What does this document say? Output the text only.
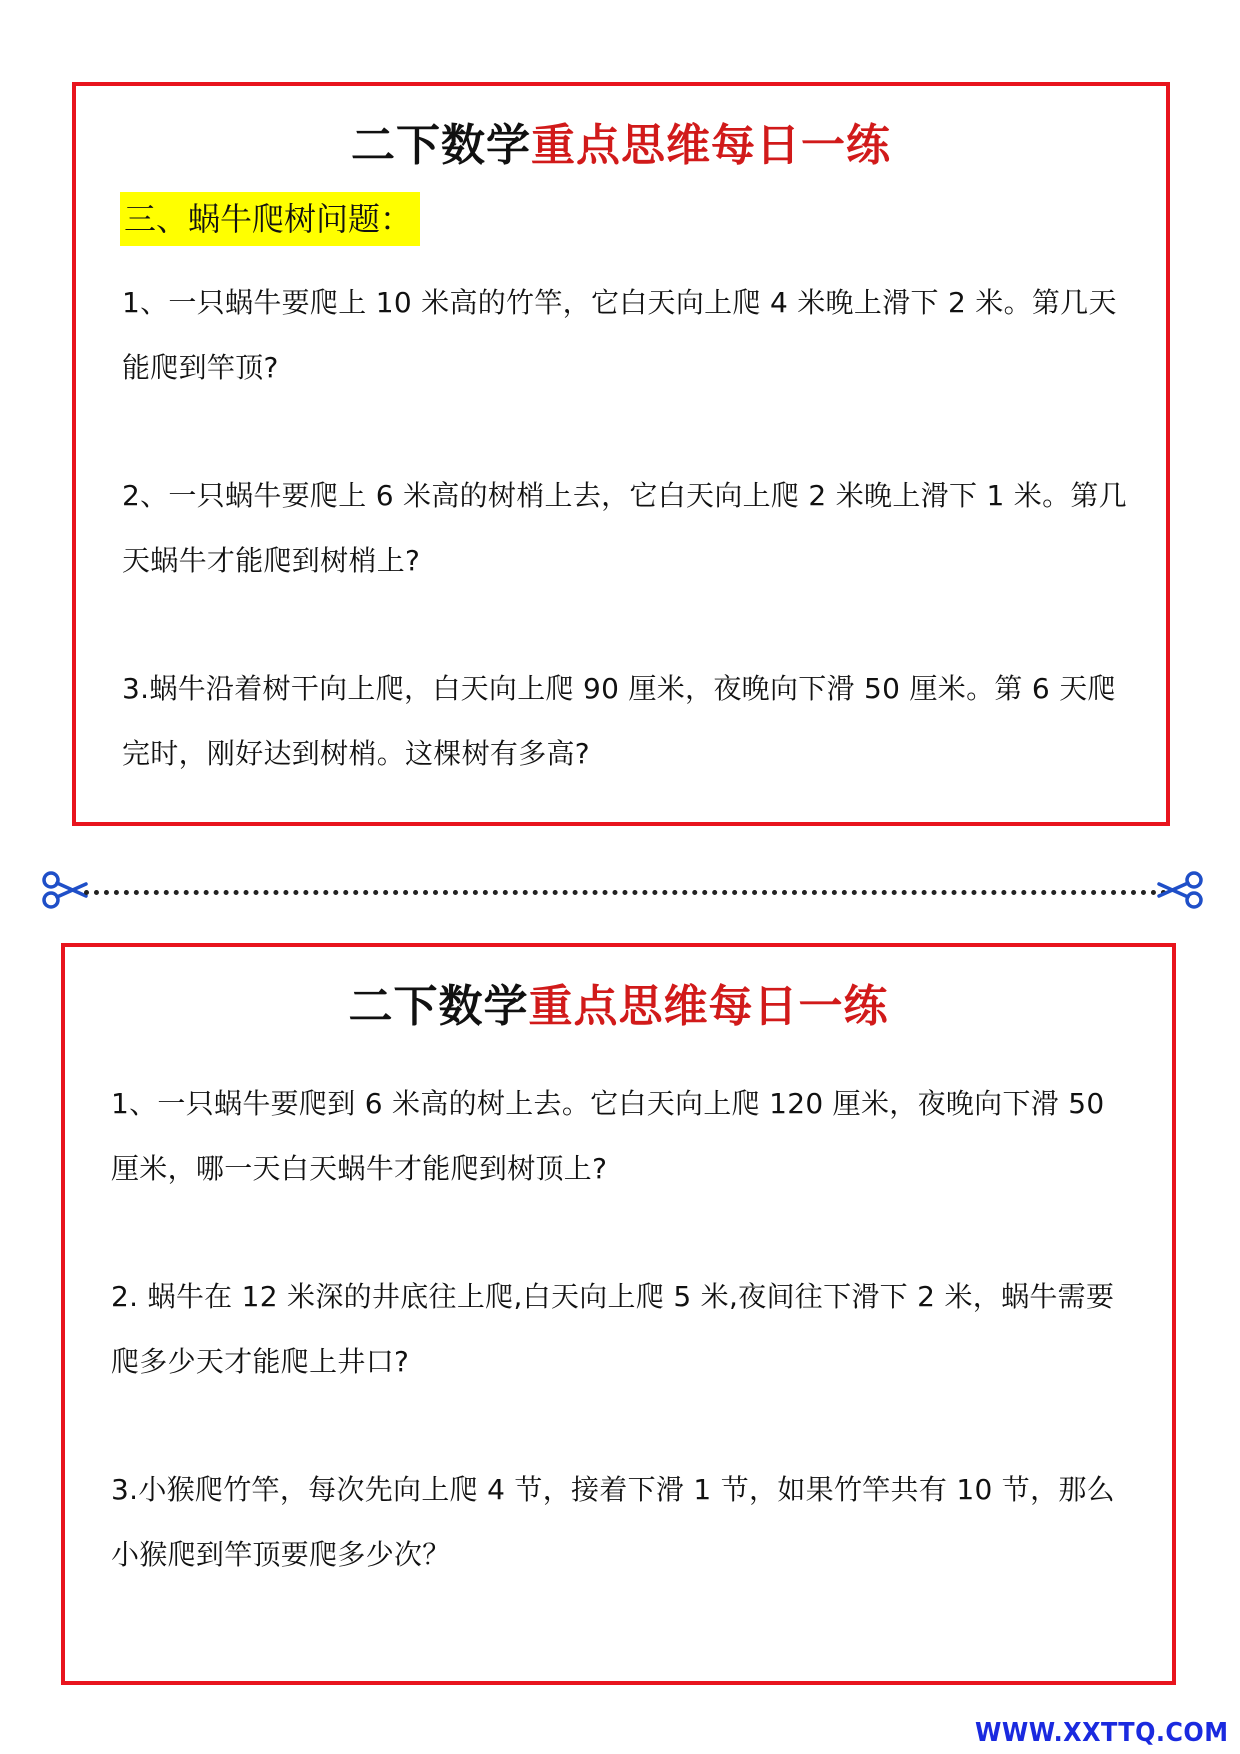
二下数学重点思维每日一练
三、蜗牛爬树问题：
1、一只蜗牛要爬上 10 米高的竹竿，它白天向上爬 4 米晚上滑下 2 米。第几天能爬到竿顶?
2、一只蜗牛要爬上 6 米高的树梢上去，它白天向上爬 2 米晚上滑下 1 米。第几天蜗牛才能爬到树梢上?
3.蜗牛沿着树干向上爬，白天向上爬 90 厘米，夜晚向下滑 50 厘米。第 6 天爬完时，刚好达到树梢。这棵树有多高?
二下数学重点思维每日一练
1、一只蜗牛要爬到 6 米高的树上去。它白天向上爬 120 厘米，夜晚向下滑 50 厘米，哪一天白天蜗牛才能爬到树顶上?
2. 蜗牛在 12 米深的井底往上爬,白天向上爬 5 米,夜间往下滑下 2 米，蜗牛需要爬多少天才能爬上井口?
3.小猴爬竹竿，每次先向上爬 4 节，接着下滑 1 节，如果竹竿共有 10 节，那么小猴爬到竿顶要爬多少次？
WWW.XXTTQ.COM
